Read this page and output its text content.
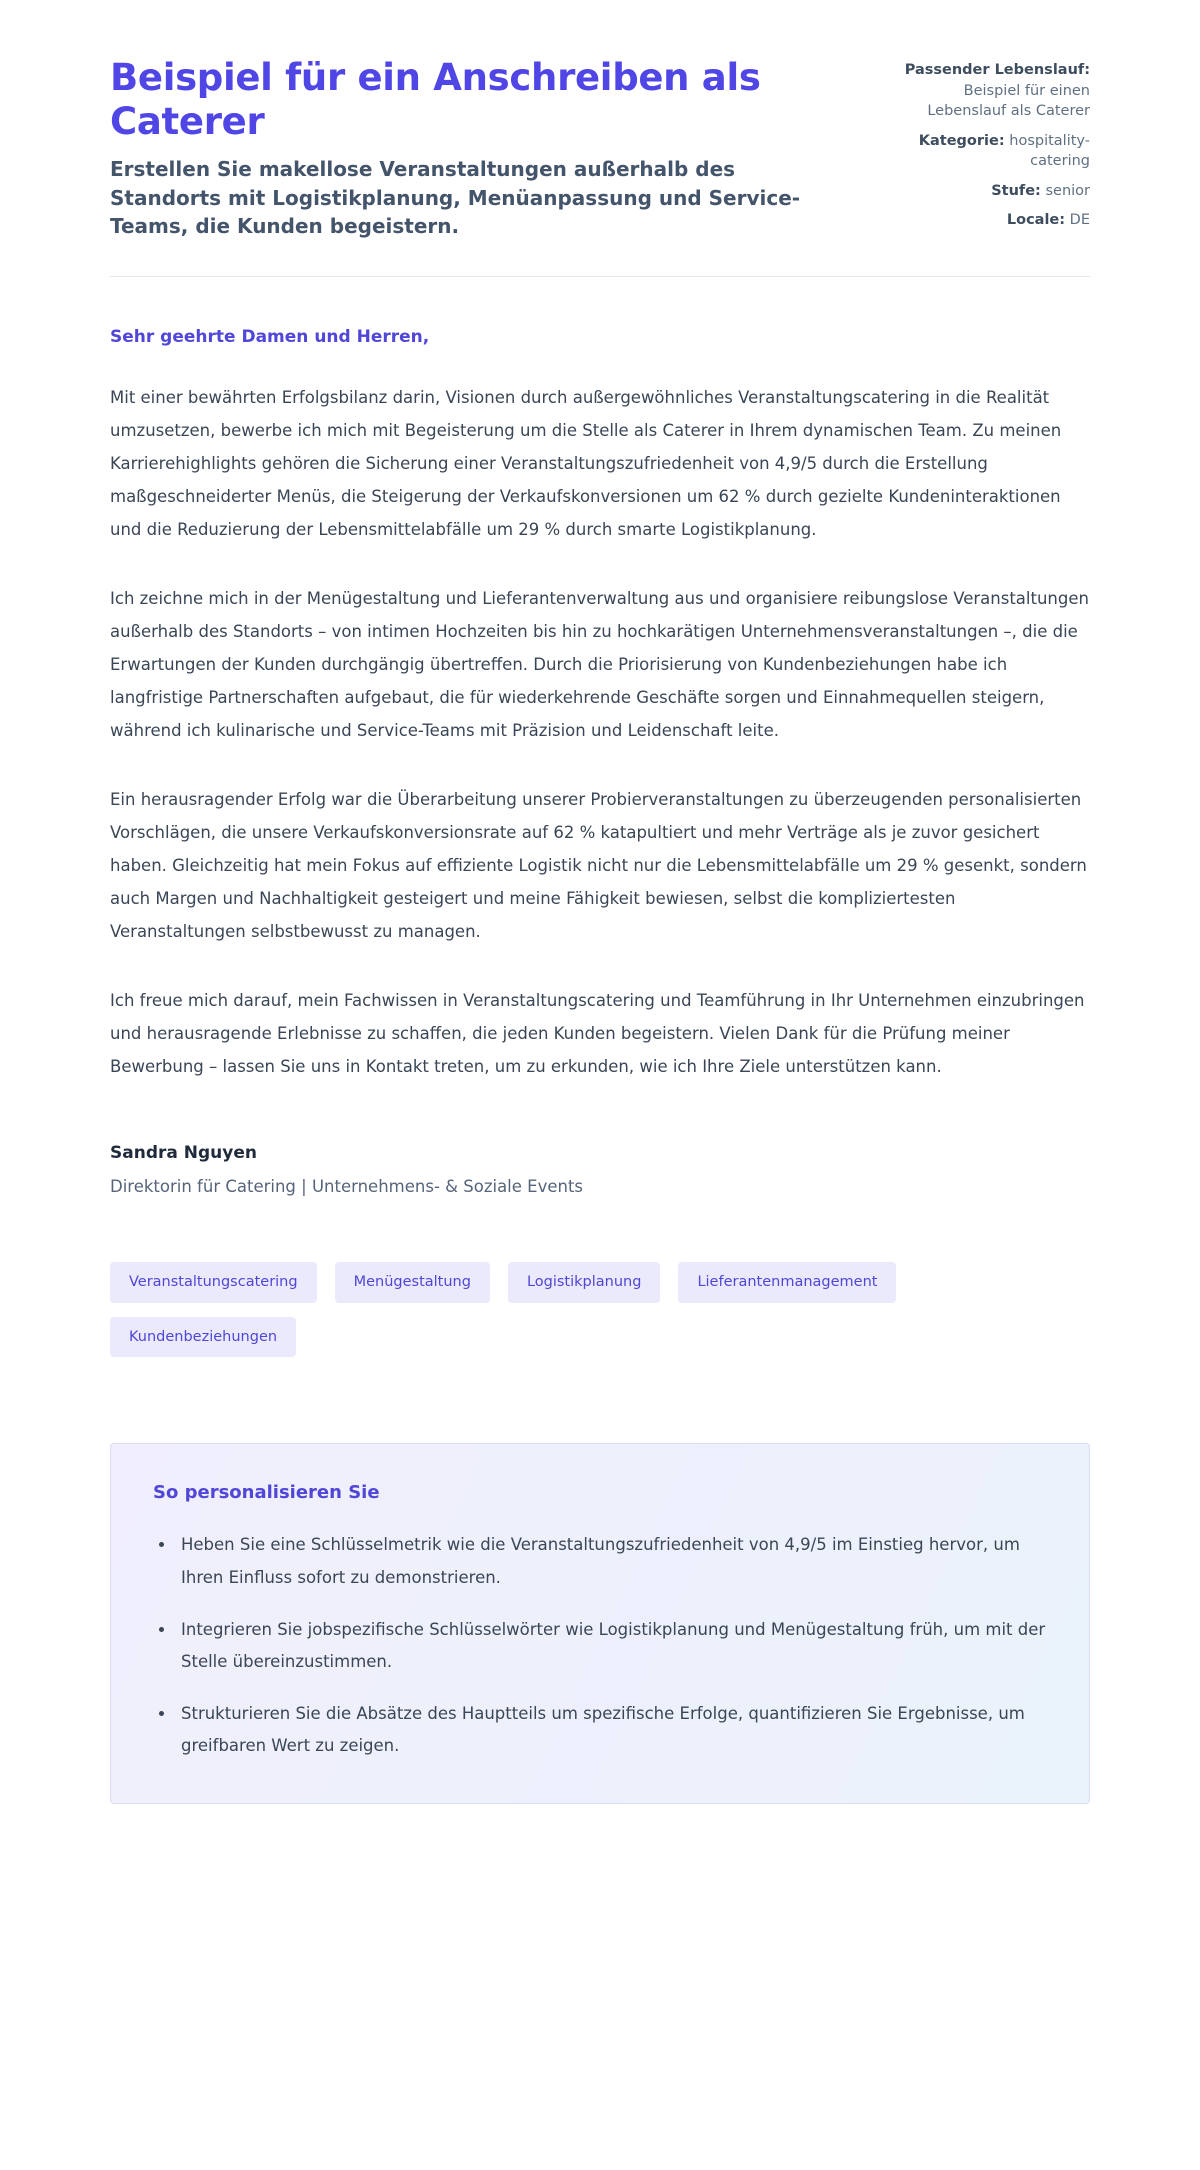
Beispiel für ein Anschreiben als Caterer

Erstellen Sie makellose Veranstaltungen außerhalb des Standorts mit Logistikplanung, Menüanpassung und Service-Teams, die Kunden begeistern.

Passender Lebenslauf: Beispiel für einen Lebenslauf als Caterer
Kategorie: hospitality-catering
Stufe: senior
Locale: DE

Sehr geehrte Damen und Herren,

Mit einer bewährten Erfolgsbilanz darin, Visionen durch außergewöhnliches Veranstaltungscatering in die Realität umzusetzen, bewerbe ich mich mit Begeisterung um die Stelle als Caterer in Ihrem dynamischen Team. Zu meinen Karrierehighlights gehören die Sicherung einer Veranstaltungszufriedenheit von 4,9/5 durch die Erstellung maßgeschneiderter Menüs, die Steigerung der Verkaufskonversionen um 62 % durch gezielte Kundeninteraktionen und die Reduzierung der Lebensmittelabfälle um 29 % durch smarte Logistikplanung.

Ich zeichne mich in der Menügestaltung und Lieferantenverwaltung aus und organisiere reibungslose Veranstaltungen außerhalb des Standorts – von intimen Hochzeiten bis hin zu hochkarätigen Unternehmensveranstaltungen –, die die Erwartungen der Kunden durchgängig übertreffen. Durch die Priorisierung von Kundenbeziehungen habe ich langfristige Partnerschaften aufgebaut, die für wiederkehrende Geschäfte sorgen und Einnahmequellen steigern, während ich kulinarische und Service-Teams mit Präzision und Leidenschaft leite.

Ein herausragender Erfolg war die Überarbeitung unserer Probierveranstaltungen zu überzeugenden personalisierten Vorschlägen, die unsere Verkaufskonversionsrate auf 62 % katapultiert und mehr Verträge als je zuvor gesichert haben. Gleichzeitig hat mein Fokus auf effiziente Logistik nicht nur die Lebensmittelabfälle um 29 % gesenkt, sondern auch Margen und Nachhaltigkeit gesteigert und meine Fähigkeit bewiesen, selbst die kompliziertesten Veranstaltungen selbstbewusst zu managen.

Ich freue mich darauf, mein Fachwissen in Veranstaltungscatering und Teamführung in Ihr Unternehmen einzubringen und herausragende Erlebnisse zu schaffen, die jeden Kunden begeistern. Vielen Dank für die Prüfung meiner Bewerbung – lassen Sie uns in Kontakt treten, um zu erkunden, wie ich Ihre Ziele unterstützen kann.

Sandra Nguyen

Direktorin für Catering | Unternehmens- & Soziale Events

Veranstaltungscatering	Menügestaltung	Logistikplanung	Lieferantenmanagement
Kundenbeziehungen
So personalisieren Sie
Heben Sie eine Schlüsselmetrik wie die Veranstaltungszufriedenheit von 4,9/5 im Einstieg hervor, um Ihren Einfluss sofort zu demonstrieren.
Integrieren Sie jobspezifische Schlüsselwörter wie Logistikplanung und Menügestaltung früh, um mit der Stelle übereinzustimmen.
Strukturieren Sie die Absätze des Hauptteils um spezifische Erfolge, quantifizieren Sie Ergebnisse, um greifbaren Wert zu zeigen.
